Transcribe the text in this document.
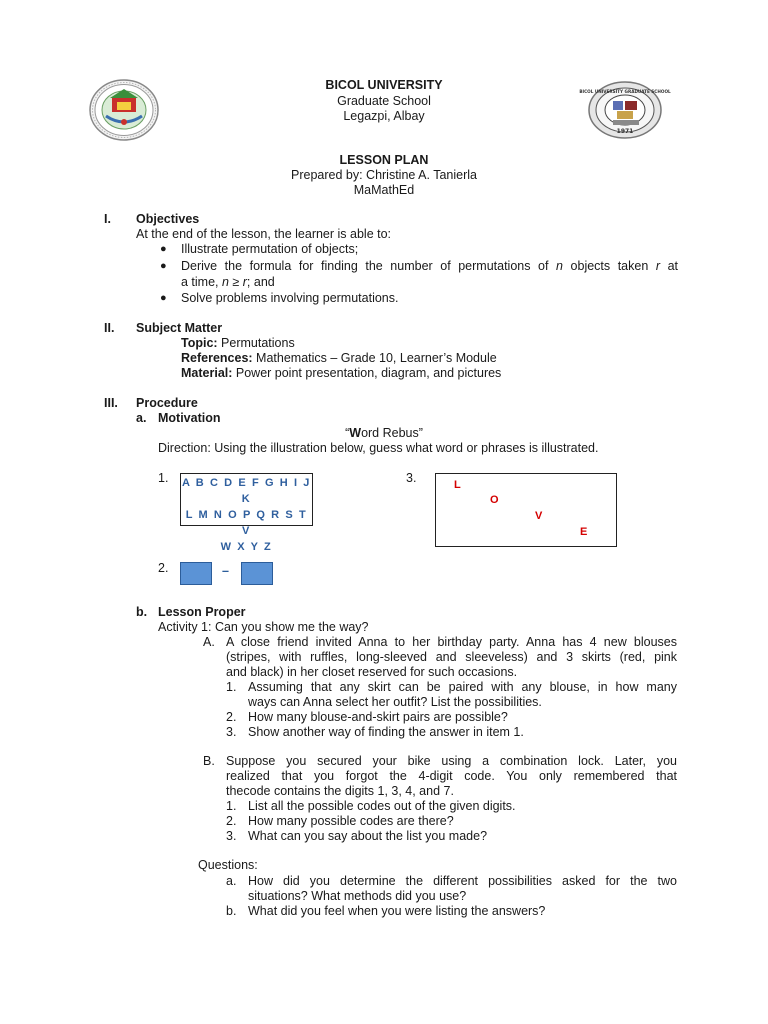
1971
BICOL UNIVERSITY GRADUATE SCHOOL
BICOL UNIVERSITY
Graduate School
Legazpi, Albay
LESSON PLAN
Prepared by: Christine A. Tanierla
MaMathEd
I. Objectives
At the end of the lesson, the learner is able to:
● Illustrate permutation of objects;
● Derive the formula for finding the number of permutations of n objects taken r at
a time, n ≥ r; and
● Solve problems involving permutations.
II. Subject Matter
Topic: Permutations
References: Mathematics – Grade 10, Learner’s Module
Material: Power point presentation, diagram, and pictures
III. Procedure
a. Motivation
“Word Rebus”
Direction: Using the illustration below, guess what word or phrases is illustrated.
1. A B C D E F G H I J K
L M N O P Q R S T V
W X Y Z
3.	L
O
V
E
2.	–
b. Lesson Proper
Activity 1: Can you show me the way?
A. A close friend invited Anna to her birthday party. Anna has 4 new blouses
(stripes, with ruffles, long-sleeved and sleeveless) and 3 skirts (red, pink
and black) in her closet reserved for such occasions.
1. Assuming that any skirt can be paired with any blouse, in how many
ways can Anna select her outfit? List the possibilities.
2. How many blouse-and-skirt pairs are possible?
3. Show another way of finding the answer in item 1.
B. Suppose you secured your bike using a combination lock. Later, you
realized that you forgot the 4-digit code. You only remembered that
thecode contains the digits 1, 3, 4, and 7.
1. List all the possible codes out of the given digits.
2. How many possible codes are there?
3. What can you say about the list you made?
Questions:
a. How did you determine the different possibilities asked for the two
situations? What methods did you use?
b. What did you feel when you were listing the answers?
